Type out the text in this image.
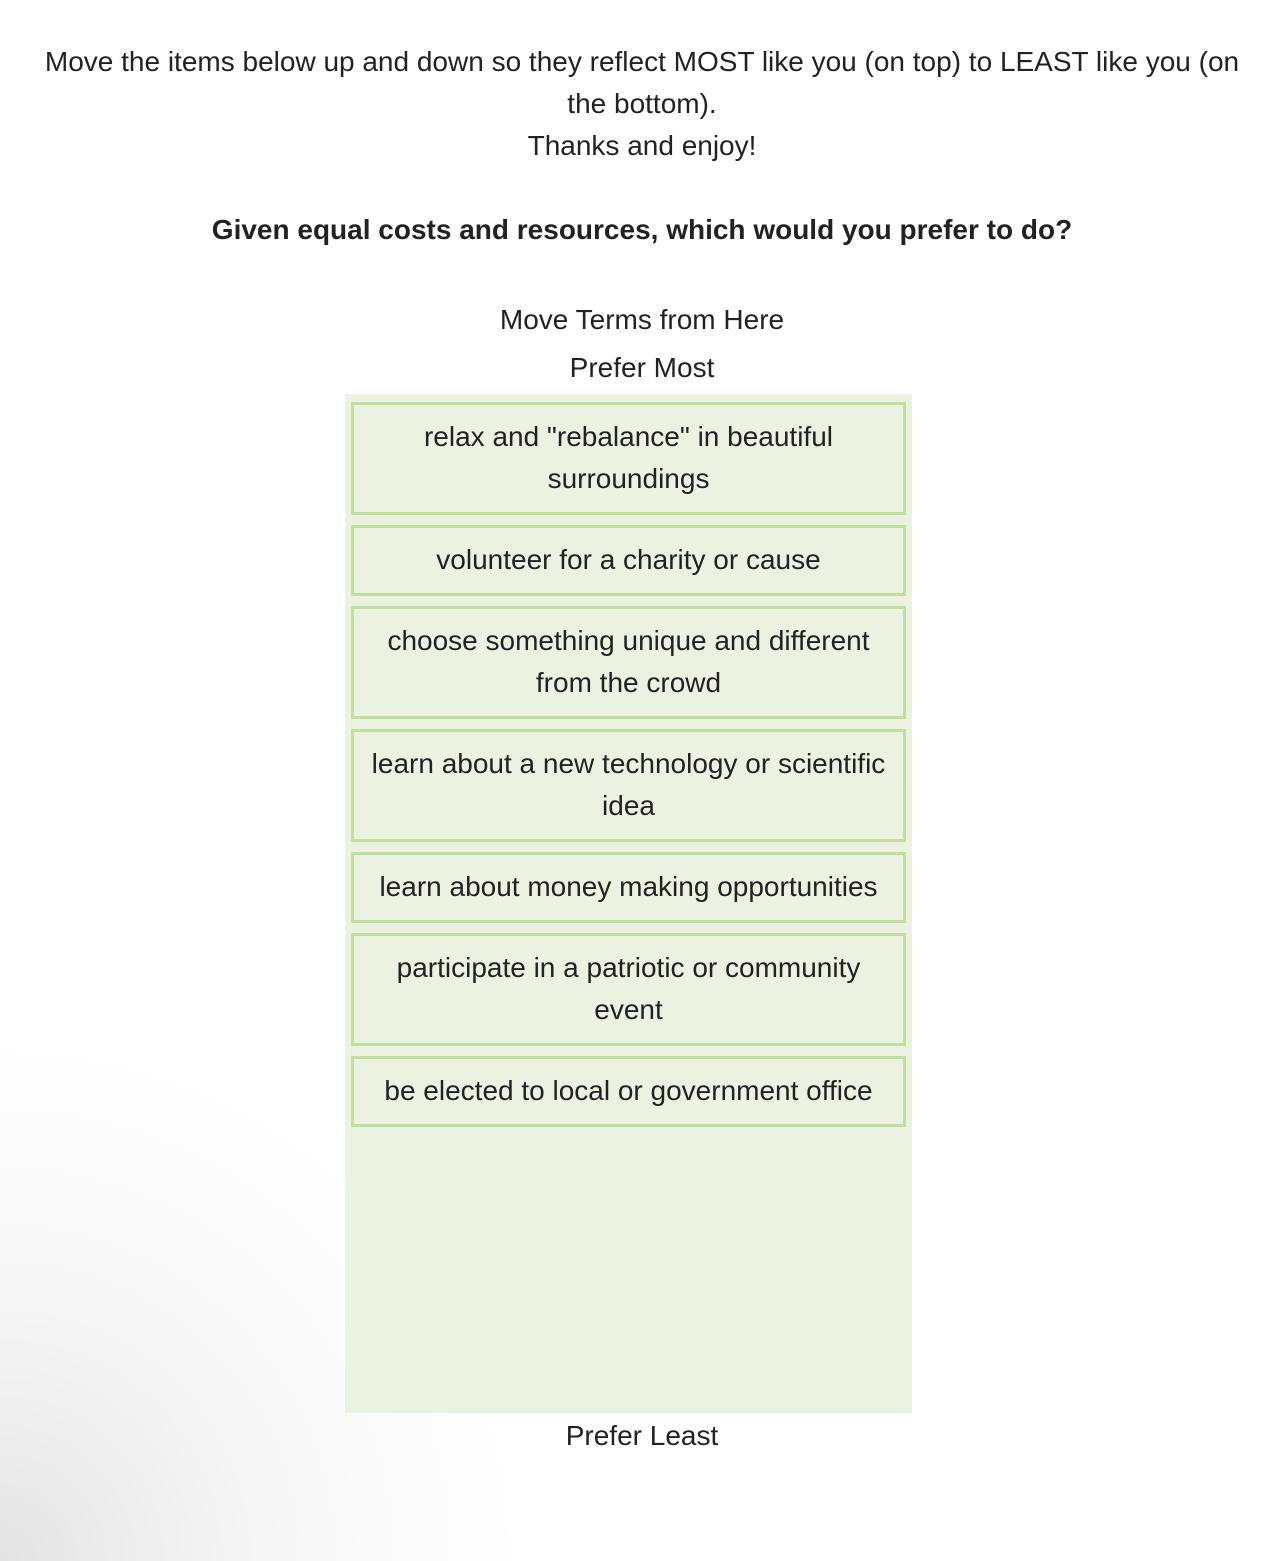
Move the items below up and down so they reflect MOST like you (on top) to LEAST like you (on the bottom).

Thanks and enjoy!

Given equal costs and resources, which would you prefer to do?
Move Terms from Here
Prefer Most
relax and "rebalance" in beautiful surroundings
volunteer for a charity or cause
choose something unique and different from the crowd
learn about a new technology or scientific idea
learn about money making opportunities
participate in a patriotic or community event
be elected to local or government office
Prefer Least
